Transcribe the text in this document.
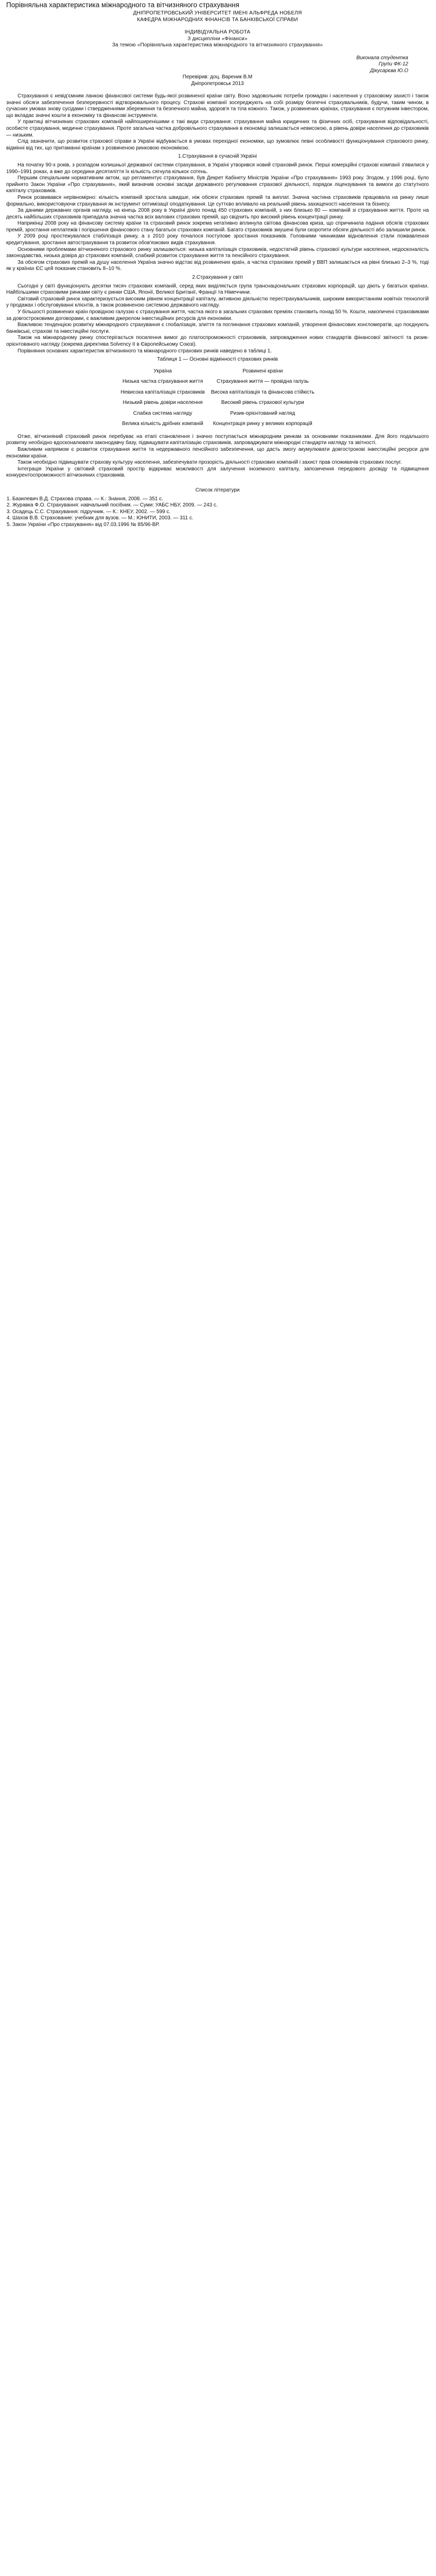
Порівняльна характеристика міжнародного та вітчизняного страхування
ДНІПРОПЕТРОВСЬКИЙ УНІВЕРСИТЕТ ІМЕНІ АЛЬФРЕДА НОБЕЛЯ
КАФЕДРА МІЖНАРОДНИХ ФІНАНСІВ ТА БАНКІВСЬКОЇ СПРАВИ
ІНДИВІДУАЛЬНА РОБОТА
З дисципліни «Фінанси»
За темою «Порівняльна характеристика міжнародного та вітчизняного страхування»
Виконала студентка
Групи ФК-12
Дікусарєва Ю.О
Перевірив: доц. Вареник В.М
Дніпропетровськ 2013

Страхування є невід'ємним ланкою фінансової системи будь-якої розвиненої країни світу. Воно задовольняє потреби громадян і населення у страховому захисті і також значні обсяги забезпечення безперервності відтворювального процесу. Страхові компанії зосереджують на собі розміру безпечні страхувальників, будучи, таким чином, в сучасних умовах знову сусідами і ствердженнями збереження та безпечного майна, здоров'я та тіла кожного. Також, у розвинених країнах, страхування є потужним інвестором, що вкладає значні кошти в економіку та фінансові інструменти.

У практиці вітчизняних страхових компаній найпоширенішими є такі види страхування: страхування майна юридичних та фізичних осіб, страхування відповідальності, особисте страхування, медичне страхування. Проте загальна частка добровільного страхування в економіці залишається невисокою, а рівень довіри населення до страховиків — низьким.

Слід зазначити, що розвиток страхової справи в Україні відбувається в умовах перехідної економіки, що зумовлює певні особливості функціонування страхового ринку, відмінні від тих, що притаманні країнам з розвиненою ринковою економікою.

1.Страхування в сучасній Україні

На початку 90-х років, з розпадом колишньої державної системи страхування, в Україні утворився новий страховий ринок. Перші комерційні страхові компанії з'явилися у 1990–1991 роках, а вже до середини десятиліття їх кількість сягнула кількох сотень.

Першим спеціальним нормативним актом, що регламентує страхування, був Декрет Кабінету Міністрів України «Про страхування» 1993 року. Згодом, у 1996 році, було прийнято Закон України «Про страхування», який визначив основні засади державного регулювання страхової діяльності, порядок ліцензування та вимоги до статутного капіталу страховиків.

Ринок розвивався нерівномірно: кількість компаній зростала швидше, ніж обсяги страхових премій та виплат. Значна частина страховиків працювала на ринку лише формально, використовуючи страхування як інструмент оптимізації оподаткування. Це суттєво впливало на реальний рівень захищеності населення та бізнесу.

За даними державних органів нагляду, на кінець 2008 року в Україні діяло понад 450 страхових компаній, з них близько 80 — компаній зі страхування життя. Проте на десять найбільших страховиків припадала значна частка всіх валових страхових премій, що свідчить про високий рівень концентрації ринку.

Наприкінці 2008 року на фінансову систему країни та страховий ринок зокрема негативно вплинула світова фінансова криза, що спричинила падіння обсягів страхових премій, зростання неплатежів і погіршення фінансового стану багатьох страхових компаній. Багато страховиків змушені були скоротити обсяги діяльності або залишили ринок.

У 2009 році простежувалася стабілізація ринку, а з 2010 року почалося поступове зростання показників. Головними чинниками відновлення стали пожвавлення кредитування, зростання автострахування та розвиток обов'язкових видів страхування.

Основними проблемами вітчизняного страхового ринку залишаються: низька капіталізація страховиків, недостатній рівень страхової культури населення, недосконалість законодавства, низька довіра до страхових компаній, слабкий розвиток страхування життя та пенсійного страхування.

За обсягом страхових премій на душу населення Україна значно відстає від розвинених країн, а частка страхових премій у ВВП залишається на рівні близько 2–3 %, тоді як у країнах ЄС цей показник становить 8–10 %.

2.Страхування у світі

Сьогодні у світі функціонують десятки тисяч страхових компаній, серед яких виділяється група транснаціональних страхових корпорацій, що діють у багатьох країнах. Найбільшими страховими ринками світу є ринки США, Японії, Великої Британії, Франції та Німеччини.

Світовий страховий ринок характеризується високим рівнем концентрації капіталу, активною діяльністю перестрахувальників, широким використанням новітніх технологій у продажах і обслуговуванні клієнтів, а також розвиненою системою державного нагляду.

У більшості розвинених країн провідною галуззю є страхування життя, частка якого в загальних страхових преміях становить понад 50 %. Кошти, накопичені страховиками за довгостроковими договорами, є важливим джерелом інвестиційних ресурсів для економіки.

Важливою тенденцією розвитку міжнародного страхування є глобалізація, злиття та поглинання страхових компаній, утворення фінансових конгломератів, що поєднують банківські, страхові та інвестиційні послуги.

Також на міжнародному ринку спостерігається посилення вимог до платоспроможності страховиків, запровадження нових стандартів фінансової звітності та ризик-орієнтованого нагляду (зокрема директива Solvency II в Європейському Союзі).

Порівняння основних характеристик вітчизняного та міжнародного страхових ринків наведено в таблиці 1.

Таблиця 1 — Основні відмінності страхових ринків
Україна	Розвинені країни
Низька частка страхування життя	Страхування життя — провідна галузь
Невисока капіталізація страховиків	Висока капіталізація та фінансова стійкість
Низький рівень довіри населення	Високий рівень страхової культури
Слабка система нагляду	Ризик-орієнтований нагляд
Велика кількість дрібних компаній	Концентрація ринку у великих корпорацій

Отже, вітчизняний страховий ринок перебуває на етапі становлення і значно поступається міжнародним ринкам за основними показниками. Для його подальшого розвитку необхідно вдосконалювати законодавчу базу, підвищувати капіталізацію страховиків, запроваджувати міжнародні стандарти нагляду та звітності.

Важливим напрямом є розвиток страхування життя та недержавного пенсійного забезпечення, що дасть змогу акумулювати довгострокові інвестиційні ресурси для економіки країни.

Також необхідно підвищувати страхову культуру населення, забезпечувати прозорість діяльності страхових компаній і захист прав споживачів страхових послуг.

Інтеграція України у світовий страховий простір відкриває можливості для залучення іноземного капіталу, запозичення передового досвіду та підвищення конкурентоспроможності вітчизняних страховиків.

Список літератури
1. Базилевич В.Д. Страхова справа. — К.: Знання, 2008. — 351 с.
2. Журавка Ф.О. Страхування: навчальний посібник. — Суми: УАБС НБУ, 2009. — 243 с.
3. Осадець С.С. Страхування: підручник. — К.: КНЕУ, 2002. — 599 с.
4. Шахов В.В. Страхование: учебник для вузов. — М.: ЮНИТИ, 2003. — 311 с.
5. Закон України «Про страхування» від 07.03.1996 № 85/96-ВР.
